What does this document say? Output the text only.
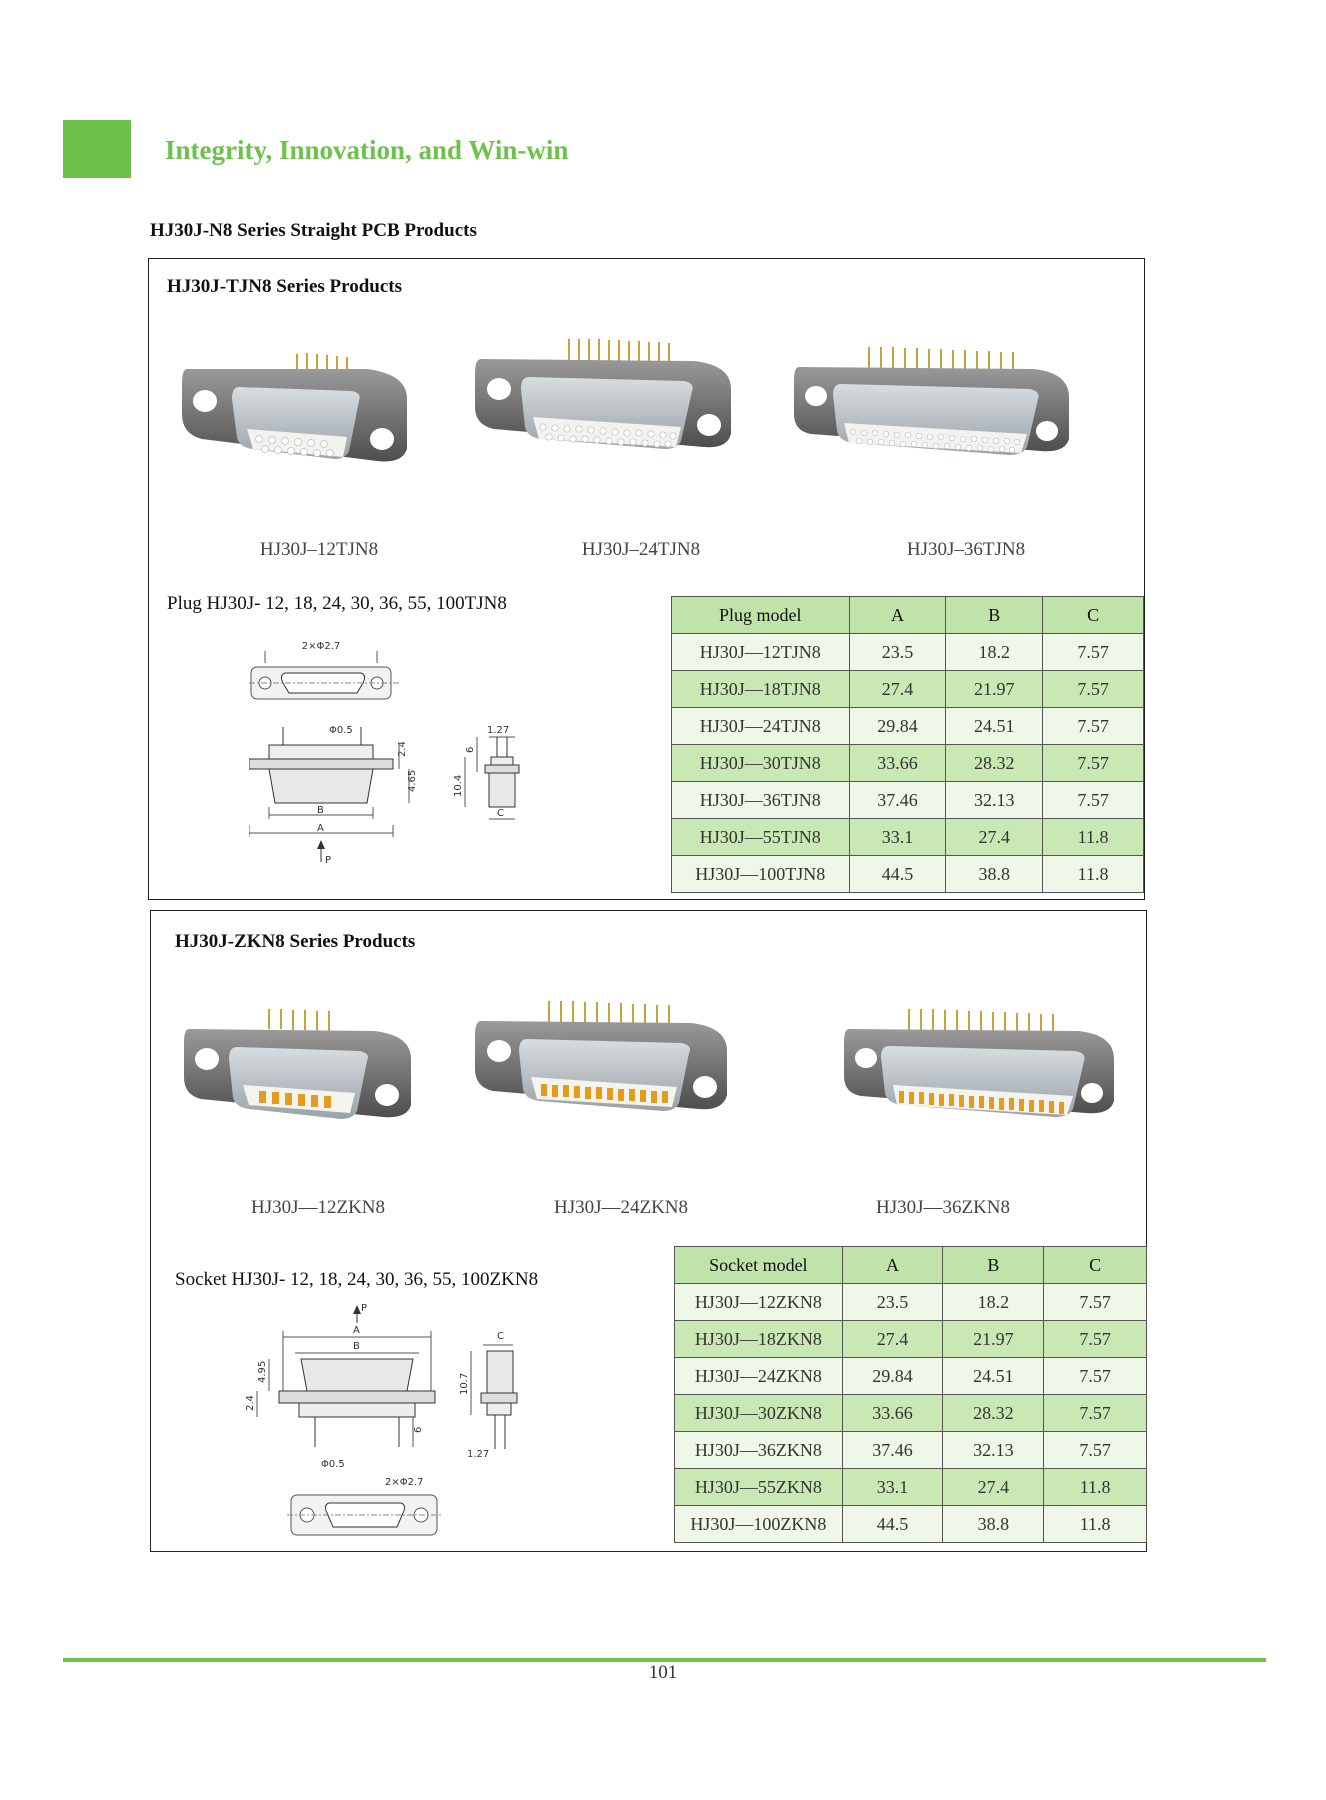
Integrity, Innovation, and Win-win
HJ30J-N8 Series Straight PCB Products
HJ30J-TJN8 Series Products
HJ30J–12TJN8	HJ30J–24TJN8	HJ30J–36TJN8
Plug HJ30J- 12, 18, 24, 30, 36, 55, 100TJN8
2×Φ2.7
Φ0.5
2.4
4.65
B
A
P
1.27
6
10.4
C
Plug model	A	B	C
HJ30J—12TJN8	23.5	18.2	7.57
HJ30J—18TJN8	27.4	21.97	7.57
HJ30J—24TJN8	29.84	24.51	7.57
HJ30J—30TJN8	33.66	28.32	7.57
HJ30J—36TJN8	37.46	32.13	7.57
HJ30J—55TJN8	33.1	27.4	11.8
HJ30J—100TJN8	44.5	38.8	11.8
HJ30J-ZKN8 Series Products
HJ30J—12ZKN8	HJ30J—24ZKN8	HJ30J—36ZKN8
Socket HJ30J- 12, 18, 24, 30, 36, 55, 100ZKN8
P
A
B
4.95
2.4
6
Φ0.5
2×Φ2.7
C
10.7
1.27
Socket model	A	B	C
HJ30J—12ZKN8	23.5	18.2	7.57
HJ30J—18ZKN8	27.4	21.97	7.57
HJ30J—24ZKN8	29.84	24.51	7.57
HJ30J—30ZKN8	33.66	28.32	7.57
HJ30J—36ZKN8	37.46	32.13	7.57
HJ30J—55ZKN8	33.1	27.4	11.8
HJ30J—100ZKN8	44.5	38.8	11.8
101
